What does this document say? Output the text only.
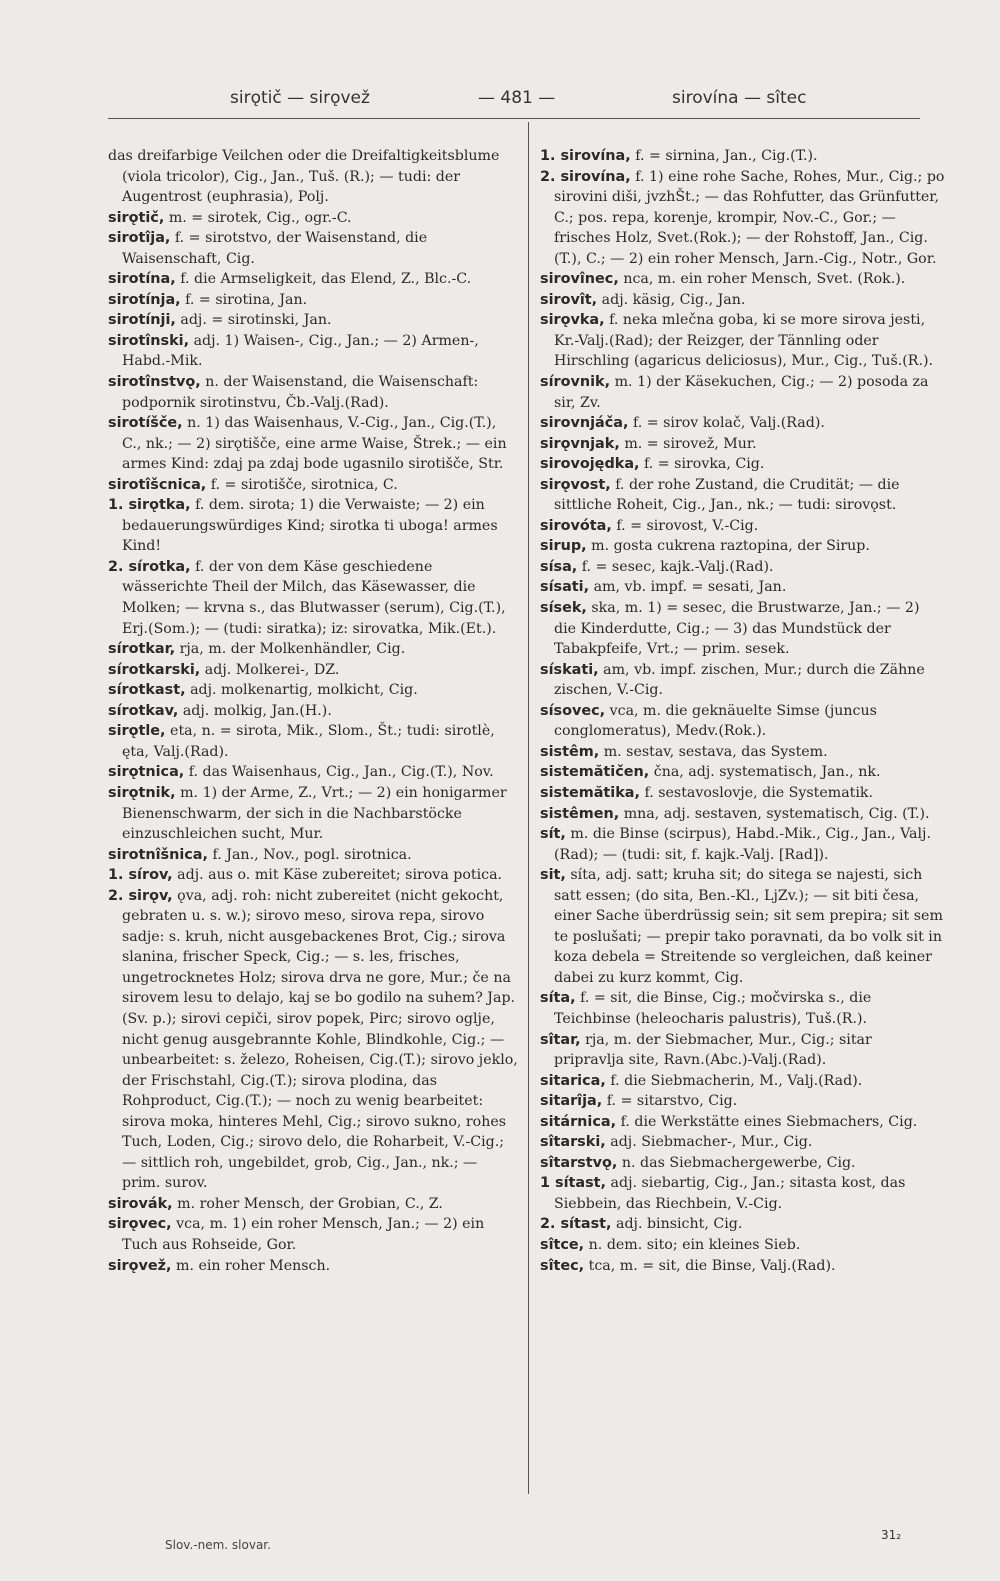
sirǫtič — sirǫvež	— 481 —	sirovína — sîtec
das dreifarbige Veilchen oder die Dreifaltigkeitsblume (viola tricolor), Cig., Jan., Tuš. (R.); — tudi: der Augentrost (euphrasia), Polj.
sirǫtič, m. = sirotek, Cig., ogr.-C.
sirotîja, f. = sirotstvo, der Waisenstand, die Waisenschaft, Cig.
sirotína, f. die Armseligkeit, das Elend, Z., Blc.-C.
sirotínja, f. = sirotina, Jan.
sirotínji, adj. = sirotinski, Jan.
sirotînski, adj. 1) Waisen-, Cig., Jan.; — 2) Armen-, Habd.-Mik.
sirotînstvǫ, n. der Waisenstand, die Waisenschaft: podpornik sirotinstvu, Čb.-Valj.(Rad).
sirotíšče, n. 1) das Waisenhaus, V.-Cig., Jan., Cig.(T.), C., nk.; — 2) sirǫtišče, eine arme Waise, Štrek.; — ein armes Kind: zdaj pa zdaj bode ugasnilo sirotišče, Str.
sirotîšcnica, f. = sirotišče, sirotnica, C.
1. sirǫtka, f. dem. sirota; 1) die Verwaiste; — 2) ein bedauerungswürdiges Kind; sirotka ti uboga! armes Kind!
2. sírotka, f. der von dem Käse geschiedene wässerichte Theil der Milch, das Käsewasser, die Molken; — krvna s., das Blutwasser (serum), Cig.(T.), Erj.(Som.); — (tudi: siratka); iz: sirovatka, Mik.(Et.).
sírotkar, rja, m. der Molkenhändler, Cig.
sírotkarski, adj. Molkerei-, DZ.
sírotkast, adj. molkenartig, molkicht, Cig.
sírotkav, adj. molkig, Jan.(H.).
sirǫtle, eta, n. = sirota, Mik., Slom., Št.; tudi: sirotlè, ęta, Valj.(Rad).
sirǫtnica, f. das Waisenhaus, Cig., Jan., Cig.(T.), Nov.
sirǫtnik, m. 1) der Arme, Z., Vrt.; — 2) ein honigarmer Bienenschwarm, der sich in die Nachbarstöcke einzuschleichen sucht, Mur.
sirotnîšnica, f. Jan., Nov., pogl. sirotnica.
1. sírov, adj. aus o. mit Käse zubereitet; sirova potica.
2. sirǫv, ǫva, adj. roh: nicht zubereitet (nicht gekocht, gebraten u. s. w.); sirovo meso, sirova repa, sirovo sadje: s. kruh, nicht ausgebackenes Brot, Cig.; sirova slanina, frischer Speck, Cig.; — s. les, frisches, ungetrocknetes Holz; sirova drva ne gore, Mur.; če na sirovem lesu to delajo, kaj se bo godilo na suhem? Jap.(Sv. p.); sirovi cepiči, sirov popek, Pirc; sirovo oglje, nicht genug ausgebrannte Kohle, Blindkohle, Cig.; — unbearbeitet: s. železo, Roheisen, Cig.(T.); sirovo jeklo, der Frischstahl, Cig.(T.); sirova plodina, das Rohproduct, Cig.(T.); — noch zu wenig bearbeitet: sirova moka, hinteres Mehl, Cig.; sirovo sukno, rohes Tuch, Loden, Cig.; sirovo delo, die Roharbeit, V.-Cig.; — sittlich roh, ungebildet, grob, Cig., Jan., nk.; — prim. surov.
sirovák, m. roher Mensch, der Grobian, C., Z.
sirǫvec, vca, m. 1) ein roher Mensch, Jan.; — 2) ein Tuch aus Rohseide, Gor.
sirǫvež, m. ein roher Mensch.
1. sirovína, f. = sirnina, Jan., Cig.(T.).
2. sirovína, f. 1) eine rohe Sache, Rohes, Mur., Cig.; po sirovini diši, jvzhŠt.; — das Rohfutter, das Grünfutter, C.; pos. repa, korenje, krompir, Nov.-C., Gor.; — frisches Holz, Svet.(Rok.); — der Rohstoff, Jan., Cig.(T.), C.; — 2) ein roher Mensch, Jarn.-Cig., Notr., Gor.
sirovînec, nca, m. ein roher Mensch, Svet. (Rok.).
sirovît, adj. käsig, Cig., Jan.
sirǫvka, f. neka mlečna goba, ki se more sirova jesti, Kr.-Valj.(Rad); der Reizger, der Tännling oder Hirschling (agaricus deliciosus), Mur., Cig., Tuš.(R.).
sírovnik, m. 1) der Käsekuchen, Cig.; — 2) posoda za sir, Zv.
sirovnjáča, f. = sirov kolač, Valj.(Rad).
sirǫvnjak, m. = sirovež, Mur.
sirovojędka, f. = sirovka, Cig.
sirǫvost, f. der rohe Zustand, die Crudität; — die sittliche Roheit, Cig., Jan., nk.; — tudi: sirovǫst.
sirovóta, f. = sirovost, V.-Cig.
sirup, m. gosta cukrena raztopina, der Sirup.
sísa, f. = sesec, kajk.-Valj.(Rad).
sísati, am, vb. impf. = sesati, Jan.
sísek, ska, m. 1) = sesec, die Brustwarze, Jan.; — 2) die Kinderdutte, Cig.; — 3) das Mundstück der Tabakpfeife, Vrt.; — prim. sesek.
sískati, am, vb. impf. zischen, Mur.; durch die Zähne zischen, V.-Cig.
sísovec, vca, m. die geknäuelte Simse (juncus conglomeratus), Medv.(Rok.).
sistêm, m. sestav, sestava, das System.
sistemătičen, čna, adj. systematisch, Jan., nk.
sistemătika, f. sestavoslovje, die Systematik.
sistêmen, mna, adj. sestaven, systematisch, Cig. (T.).
sít, m. die Binse (scirpus), Habd.-Mik., Cig., Jan., Valj.(Rad); — (tudi: sit, f. kajk.-Valj. [Rad]).
sit, síta, adj. satt; kruha sit; do sitega se najesti, sich satt essen; (do sita, Ben.-Kl., LjZv.); — sit biti česa, einer Sache überdrüssig sein; sit sem prepira; sit sem te poslušati; — prepir tako poravnati, da bo volk sit in koza debela = Streitende so vergleichen, daß keiner dabei zu kurz kommt, Cig.
síta, f. = sit, die Binse, Cig.; močvirska s., die Teichbinse (heleocharis palustris), Tuš.(R.).
sîtar, rja, m. der Siebmacher, Mur., Cig.; sitar pripravlja site, Ravn.(Abc.)-Valj.(Rad).
sitarica, f. die Siebmacherin, M., Valj.(Rad).
sitarîja, f. = sitarstvo, Cig.
sitárnica, f. die Werkstätte eines Siebmachers, Cig.
sîtarski, adj. Siebmacher-, Mur., Cig.
sîtarstvǫ, n. das Siebmachergewerbe, Cig.
1 sítast, adj. siebartig, Cig., Jan.; sitasta kost, das Siebbein, das Riechbein, V.-Cig.
2. sítast, adj. binsicht, Cig.
sîtce, n. dem. sito; ein kleines Sieb.
sîtec, tca, m. = sit, die Binse, Valj.(Rad).
Slov.-nem. slovar.
31₂
